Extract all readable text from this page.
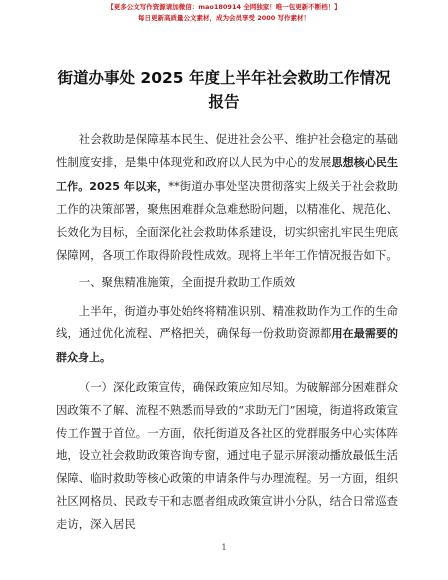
【更多公文写作资源请加微信：mao180914 全网独家！唯一包更新不断档！】
每日更新高质量公文素材，成为会员享受 2000 写作素材！
街道办事处 2025 年度上半年社会救助工作情况
报告

社会救助是保障基本民生、促进社会公平、维护社会稳定的基础性制度安排，是集中体现党和政府以人民为中心的发展思想核心民生工作。2025 年以来，**街道办事处坚决贯彻落实上级关于社会救助工作的决策部署，聚焦困难群众急难愁盼问题，以精准化、规范化、长效化为目标，全面深化社会救助体系建设，切实织密扎牢民生兜底保障网，各项工作取得阶段性成效。现将上半年工作情况报告如下。

一、聚焦精准施策，全面提升救助工作质效

上半年，街道办事处始终将精准识别、精准救助作为工作的生命线，通过优化流程、严格把关，确保每一份救助资源都用在最需要的群众身上。

（一）深化政策宣传，确保政策应知尽知。为破解部分困难群众因政策不了解、流程不熟悉而导致的“求助无门”困境，街道将政策宣传工作置于首位。一方面，依托街道及各社区的党群服务中心实体阵地，设立社会救助政策咨询专窗，通过电子显示屏滚动播放最低生活保障、临时救助等核心政策的申请条件与办理流程。另一方面，组织社区网格员、民政专干和志愿者组成政策宣讲小分队，结合日常巡查走访，深入居民

1
